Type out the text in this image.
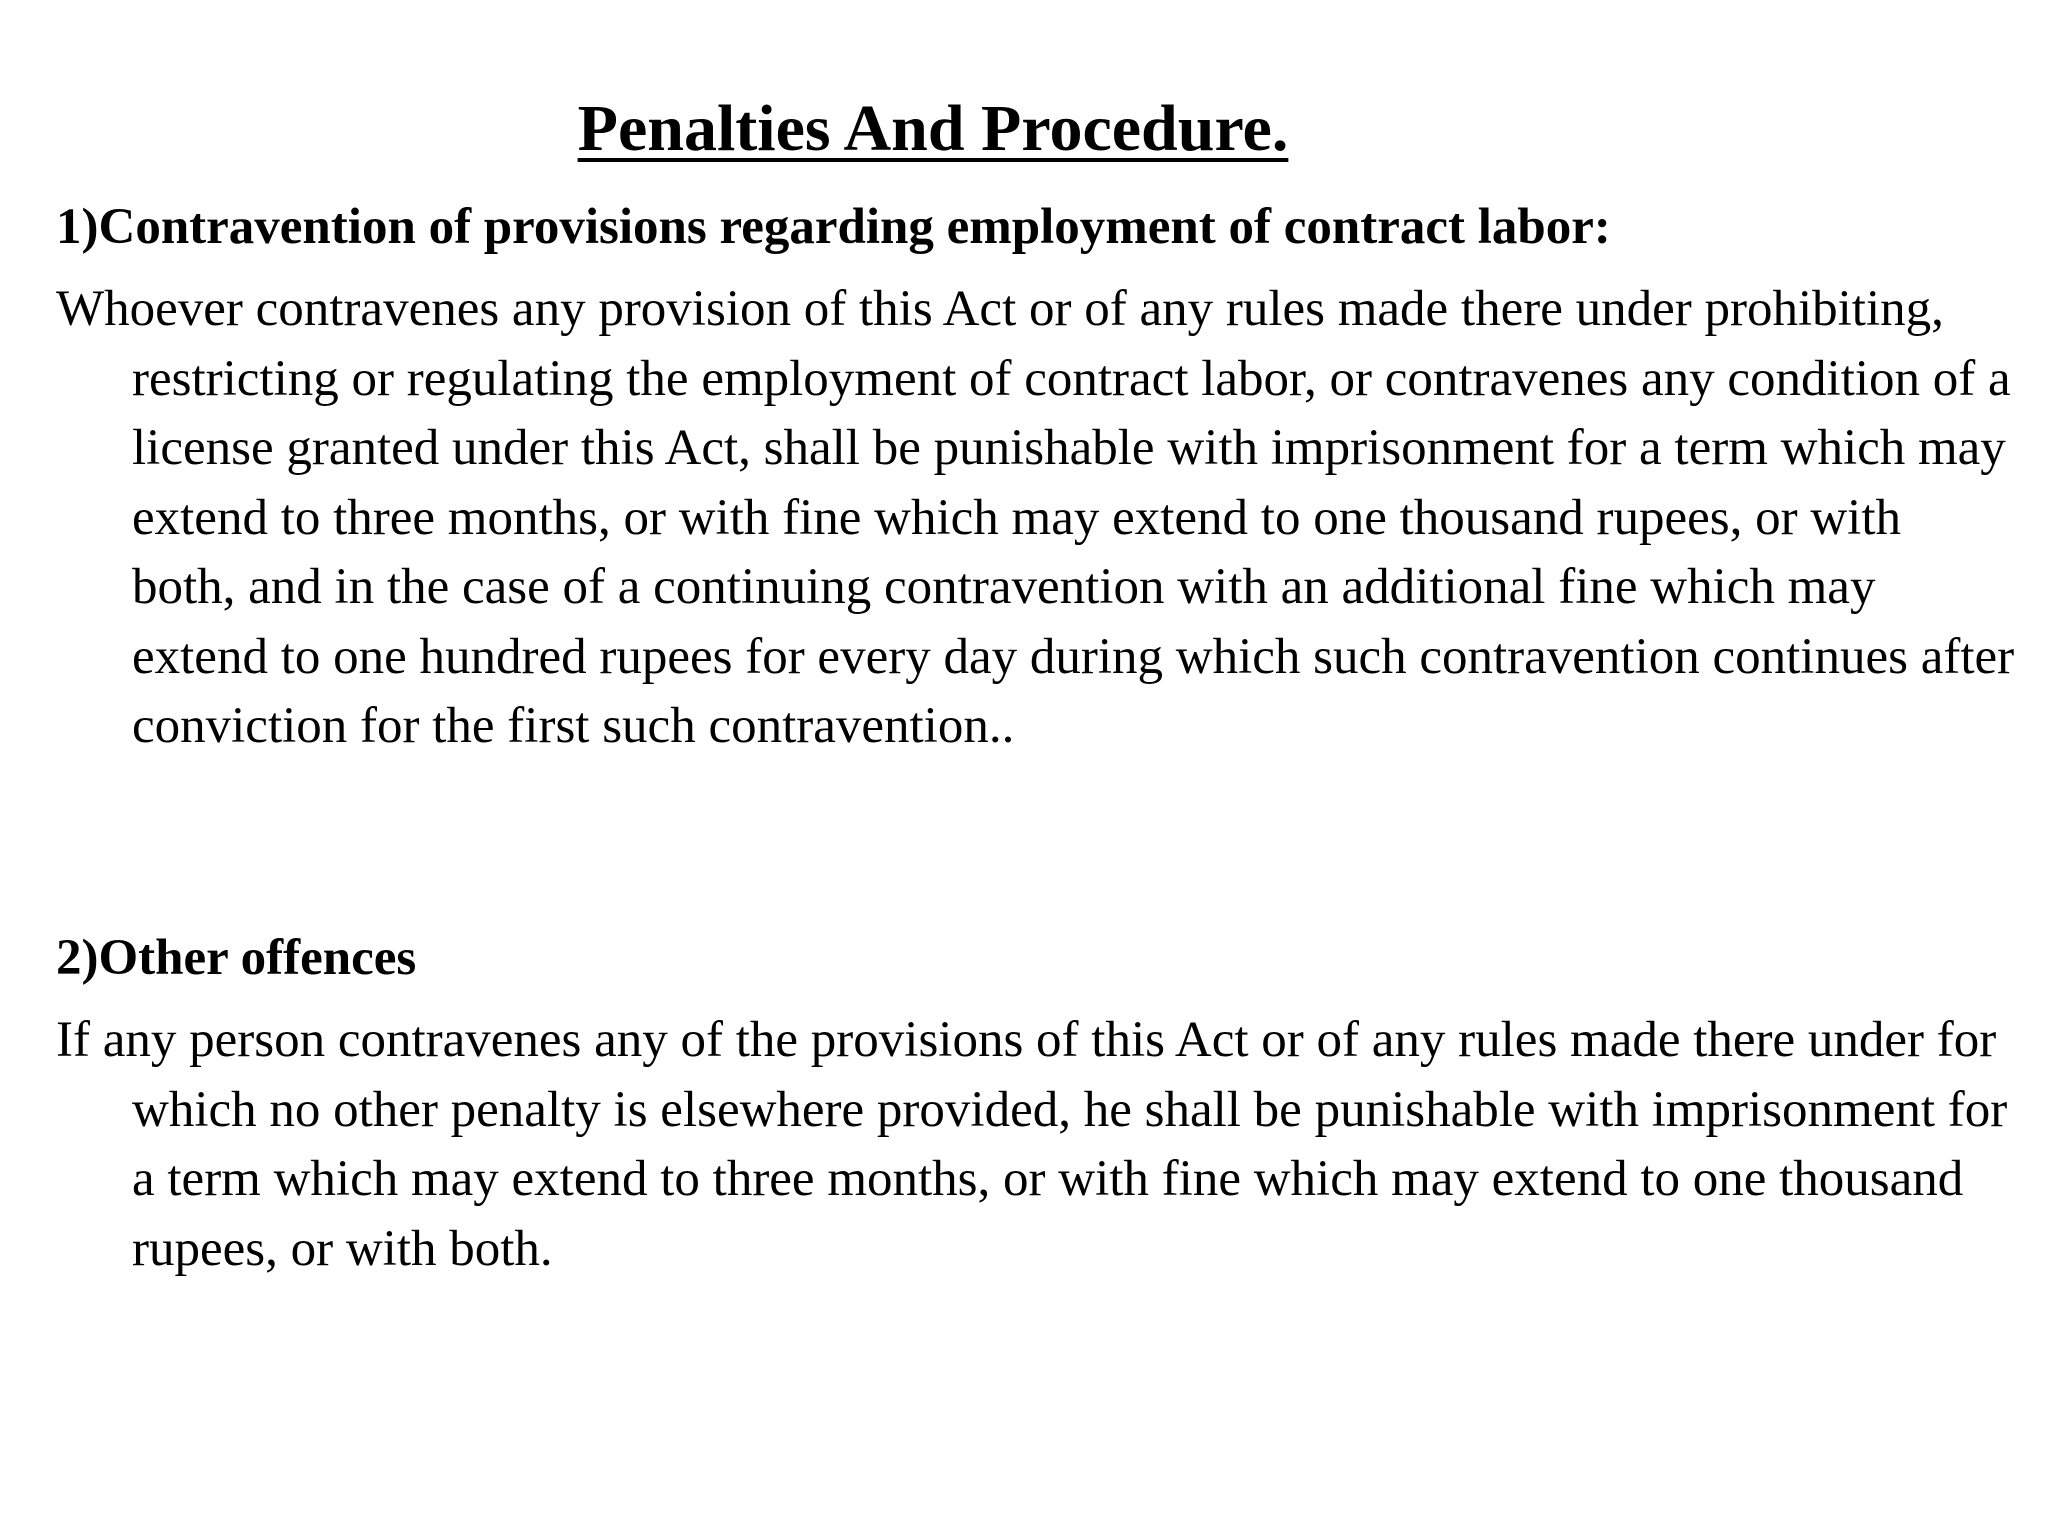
Penalties And Procedure.

1)Contravention of provisions regarding employment of contract labor:

Whoever contravenes any provision of this Act or of any rules made there under prohibiting, restricting or regulating the employment of contract labor, or contravenes any condition of a license granted under this Act, shall be punishable with imprisonment for a term which may extend to three months, or with fine which may extend to one thousand rupees, or with both, and in the case of a continuing contravention with an additional fine which may extend to one hundred rupees for every day during which such contravention continues after conviction for the first such contravention..

2)Other offences

If any person contravenes any of the provisions of this Act or of any rules made there under for which no other penalty is elsewhere provided, he shall be punishable with imprisonment for a term which may extend to three months, or with fine which may extend to one thousand rupees, or with both.
